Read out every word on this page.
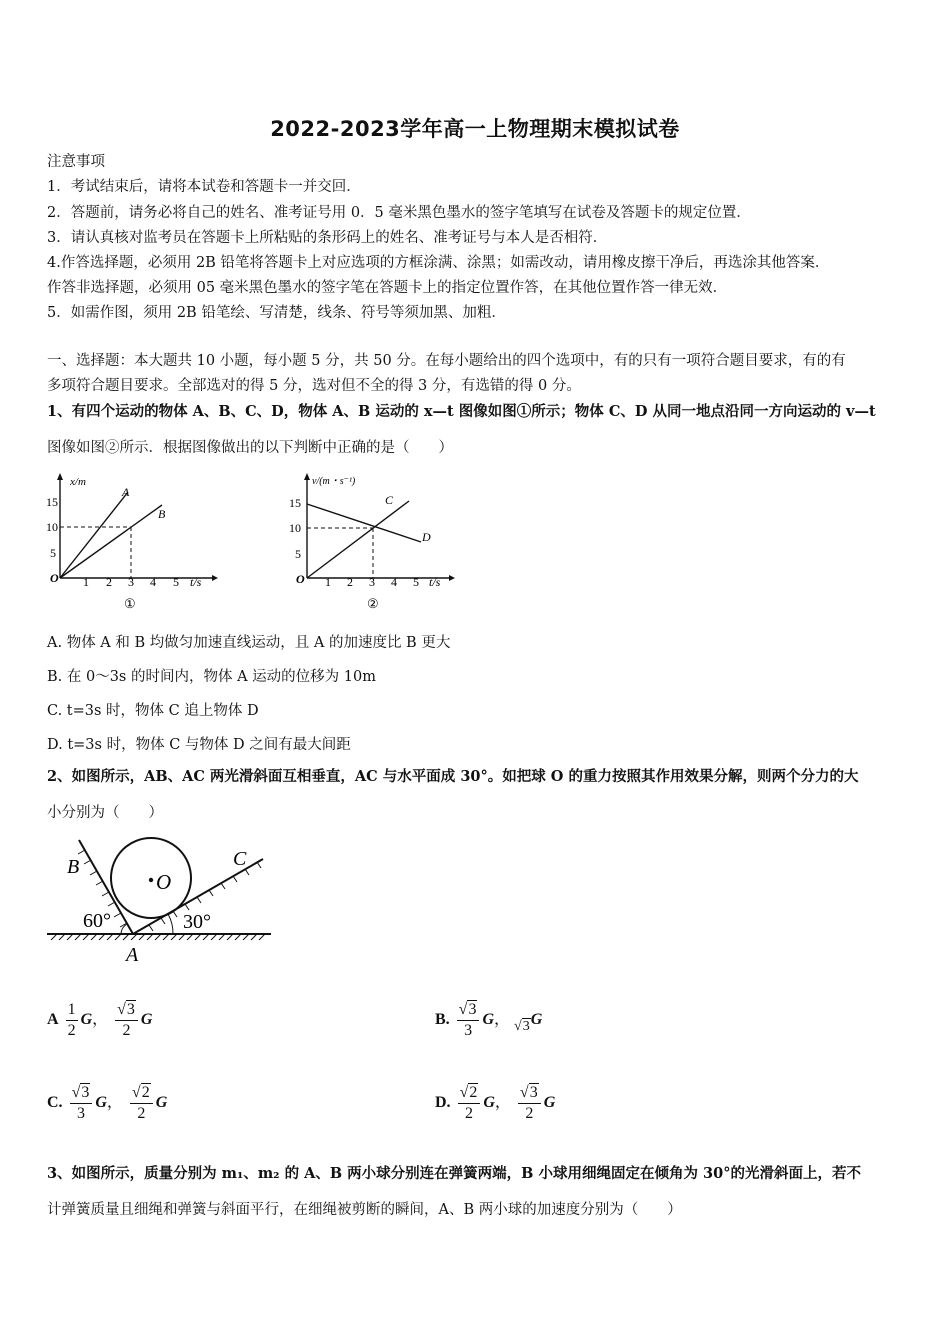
2022-2023学年高一上物理期末模拟试卷
注意事项
1．考试结束后，请将本试卷和答题卡一并交回．
2．答题前，请务必将自己的姓名、准考证号用 0．5 毫米黑色墨水的签字笔填写在试卷及答题卡的规定位置．
3．请认真核对监考员在答题卡上所粘贴的条形码上的姓名、准考证号与本人是否相符．
4.作答选择题，必须用 2B 铅笔将答题卡上对应选项的方框涂满、涂黑；如需改动，请用橡皮擦干净后，再选涂其他答案．
作答非选择题，必须用 05 毫米黑色墨水的签字笔在答题卡上的指定位置作答，在其他位置作答一律无效．
5．如需作图，须用 2B 铅笔绘、写清楚，线条、符号等须加黑、加粗．
一、选择题：本大题共 10 小题，每小题 5 分，共 50 分。在每小题给出的四个选项中，有的只有一项符合题目要求，有的有
多项符合题目要求。全部选对的得 5 分，选对但不全的得 3 分，有选错的得 0 分。
1、有四个运动的物体 A、B、C、D，物体 A、B 运动的 x—t 图像如图①所示；物体 C、D 从同一地点沿同一方向运动的 v—t
图像如图②所示．根据图像做出的以下判断中正确的是（　　）
x/m
A
B
15
10
5
O 1 2 3 4 5 t/s
①
v/(m・s⁻¹)
C
D
15
10
5
O 1 2 3 4 5 t/s
②
A. 物体 A 和 B 均做匀加速直线运动，且 A 的加速度比 B 更大
B. 在 0～3s 的时间内，物体 A 运动的位移为 10m
C. t=3s 时，物体 C 追上物体 D
D. t=3s 时，物体 C 与物体 D 之间有最大间距
2、如图所示，AB、AC 两光滑斜面互相垂直，AC 与水平面成 30°。如把球 O 的重力按照其作用效果分解，则两个分力的大
小分别为（　　）
B	C
O
60°	30°
A
A $\frac{1}{2}$ G， $\frac{√3}{2}$ G	B. $\frac{√3}{3}$ G， √3G
C. $\frac{√3}{3}$ G， $\frac{√2}{2}$ G	D. $\frac{√2}{2}$ G， $\frac{√3}{2}$ G
3、如图所示，质量分别为 m₁、m₂ 的 A、B 两小球分别连在弹簧两端，B 小球用细绳固定在倾角为 30°的光滑斜面上，若不
计弹簧质量且细绳和弹簧与斜面平行，在细绳被剪断的瞬间，A、B 两小球的加速度分别为（　　）
